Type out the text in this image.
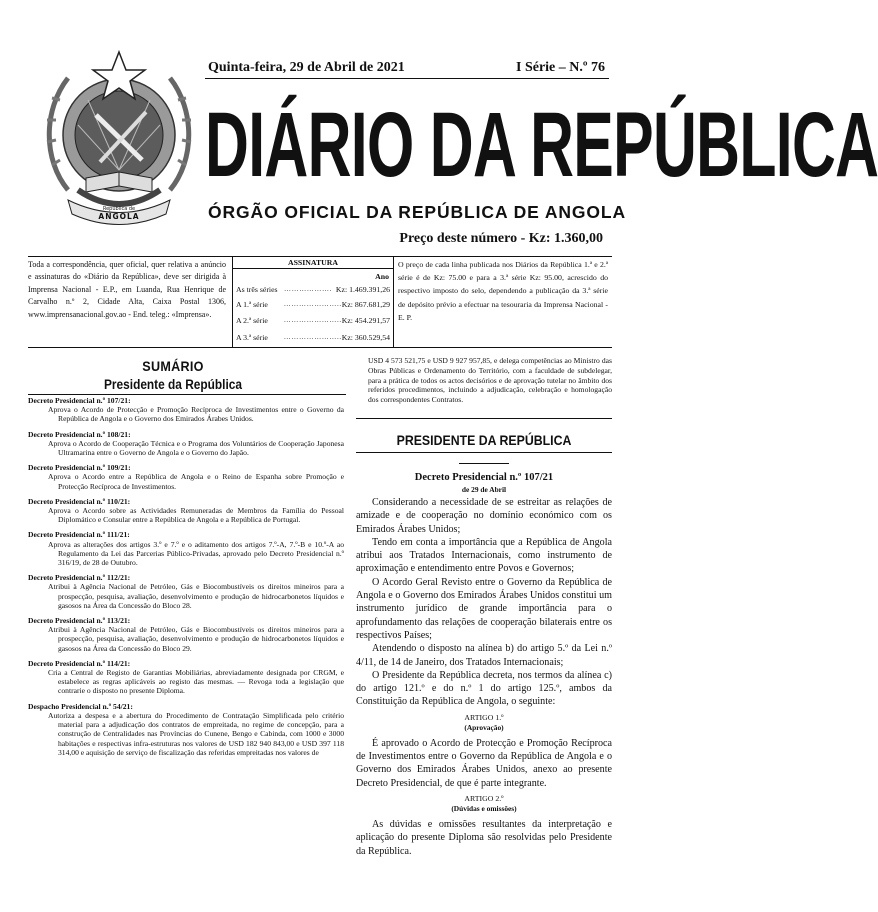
República de
ANGOLA
Quinta-feira, 29 de Abril de 2021	I Série – N.º 76
DIÁRIO DA REPÚBLICA
ÓRGÃO OFICIAL DA REPÚBLICA DE ANGOLA
Preço deste número - Kz: 1.360,00
Toda a correspondência, quer oficial, quer relativa a anúncio e assinaturas do «Diário da República», deve ser dirigida à Imprensa Nacional - E.P., em Luanda, Rua Henrique de Carvalho n.º 2, Cidade Alta, Caixa Postal 1306, www.imprensanacional.gov.ao - End. teleg.: «Imprensa».
ASSINATURA
Ano
As três séries ………………. Kz: 1.469.391,26
A 1.ª série	………………….. Kz: 867.681,29
A 2.ª série	………………….. Kz: 454.291,57
A 3.ª série	………………….. Kz: 360.529,54
O preço de cada linha publicada nos Diários da República 1.ª e 2.ª série é de Kz: 75.00 e para a 3.ª série Kz: 95.00, acrescido do respectivo imposto do selo, dependendo a publicação da 3.ª série de depósito prévio a efectuar na tesouraria da Imprensa Nacional - E. P.
SUMÁRIO
Presidente da República
Decreto Presidencial n.º 107/21:
Aprova o Acordo de Protecção e Promoção Recíproca de Investimentos entre o Governo da República de Angola e o Governo dos Emirados Árabes Unidos.
Decreto Presidencial n.º 108/21:
Aprova o Acordo de Cooperação Técnica e o Programa dos Voluntários de Cooperação Japonesa Ultramarina entre o Governo de Angola e o Governo do Japão.
Decreto Presidencial n.º 109/21:
Aprova o Acordo entre a República de Angola e o Reino de Espanha sobre Promoção e Protecção Recíproca de Investimentos.
Decreto Presidencial n.º 110/21:
Aprova o Acordo sobre as Actividades Remuneradas de Membros da Família do Pessoal Diplomático e Consular entre a República de Angola e a República de Portugal.
Decreto Presidencial n.º 111/21:
Aprova as alterações dos artigos 3.º e 7.º e o aditamento dos artigos 7.º-A, 7.º-B e 10.º-A ao Regulamento da Lei das Parcerias Público-Privadas, aprovado pelo Decreto Presidencial n.º 316/19, de 28 de Outubro.
Decreto Presidencial n.º 112/21:
Atribui à Agência Nacional de Petróleo, Gás e Biocombustíveis os direitos mineiros para a prospecção, pesquisa, avaliação, desenvolvimento e produção de hidrocarbonetos líquidos e gasosos na Área da Concessão do Bloco 28.
Decreto Presidencial n.º 113/21:
Atribui à Agência Nacional de Petróleo, Gás e Biocombustíveis os direitos mineiros para a prospecção, pesquisa, avaliação, desenvolvimento e produção de hidrocarbonetos líquidos e gasosos na Área da Concessão do Bloco 29.
Decreto Presidencial n.º 114/21:
Cria a Central de Registo de Garantias Mobiliárias, abreviadamente designada por CRGM, e estabelece as regras aplicáveis ao registo das mesmas. — Revoga toda a legislação que contrarie o disposto no presente Diploma.
Despacho Presidencial n.º 54/21:
Autoriza a despesa e a abertura do Procedimento de Contratação Simplificada pelo critério material para a adjudicação dos contratos de empreitada, no regime de concepção, para a construção de Centralidades nas Províncias do Cunene, Bengo e Cabinda, com 1000 e 3000 habitações e respectivas infra-estruturas nos valores de USD 182 940 843,00 e USD 397 118 314,00 e aquisição de serviço de fiscalização das referidas empreitadas nos valores de
USD 4 573 521,75 e USD 9 927 957,85, e delega competências ao Ministro das Obras Públicas e Ordenamento do Território, com a faculdade de subdelegar, para a prática de todos os actos decisórios e de aprovação tutelar no âmbito dos referidos procedimentos, incluindo a adjudicação, celebração e homologação dos correspondentes Contratos.
PRESIDENTE DA REPÚBLICA
Decreto Presidencial n.º 107/21
de 29 de Abril

Considerando a necessidade de se estreitar as relações de amizade e de cooperação no domínio económico com os Emirados Árabes Unidos;

Tendo em conta a importância que a República de Angola atribui aos Tratados Internacionais, como instrumento de aproximação e entendimento entre Povos e Governos;

O Acordo Geral Revisto entre o Governo da República de Angola e o Governo dos Emirados Árabes Unidos constitui um instrumento jurídico de grande importância para o aprofundamento das relações de cooperação bilaterais entre os respectivos Países;

Atendendo o disposto na alínea b) do artigo 5.º da Lei n.º 4/11, de 14 de Janeiro, dos Tratados Internacionais;

O Presidente da República decreta, nos termos da alínea c) do artigo 121.º e do n.º 1 do artigo 125.º, ambos da Constituição da República de Angola, o seguinte:

ARTIGO 1.º

(Aprovação)

É aprovado o Acordo de Protecção e Promoção Recíproca de Investimentos entre o Governo da República de Angola e o Governo dos Emirados Árabes Unidos, anexo ao presente Decreto Presidencial, de que é parte integrante.

ARTIGO 2.º

(Dúvidas e omissões)

As dúvidas e omissões resultantes da interpretação e aplicação do presente Diploma são resolvidas pelo Presidente da República.
